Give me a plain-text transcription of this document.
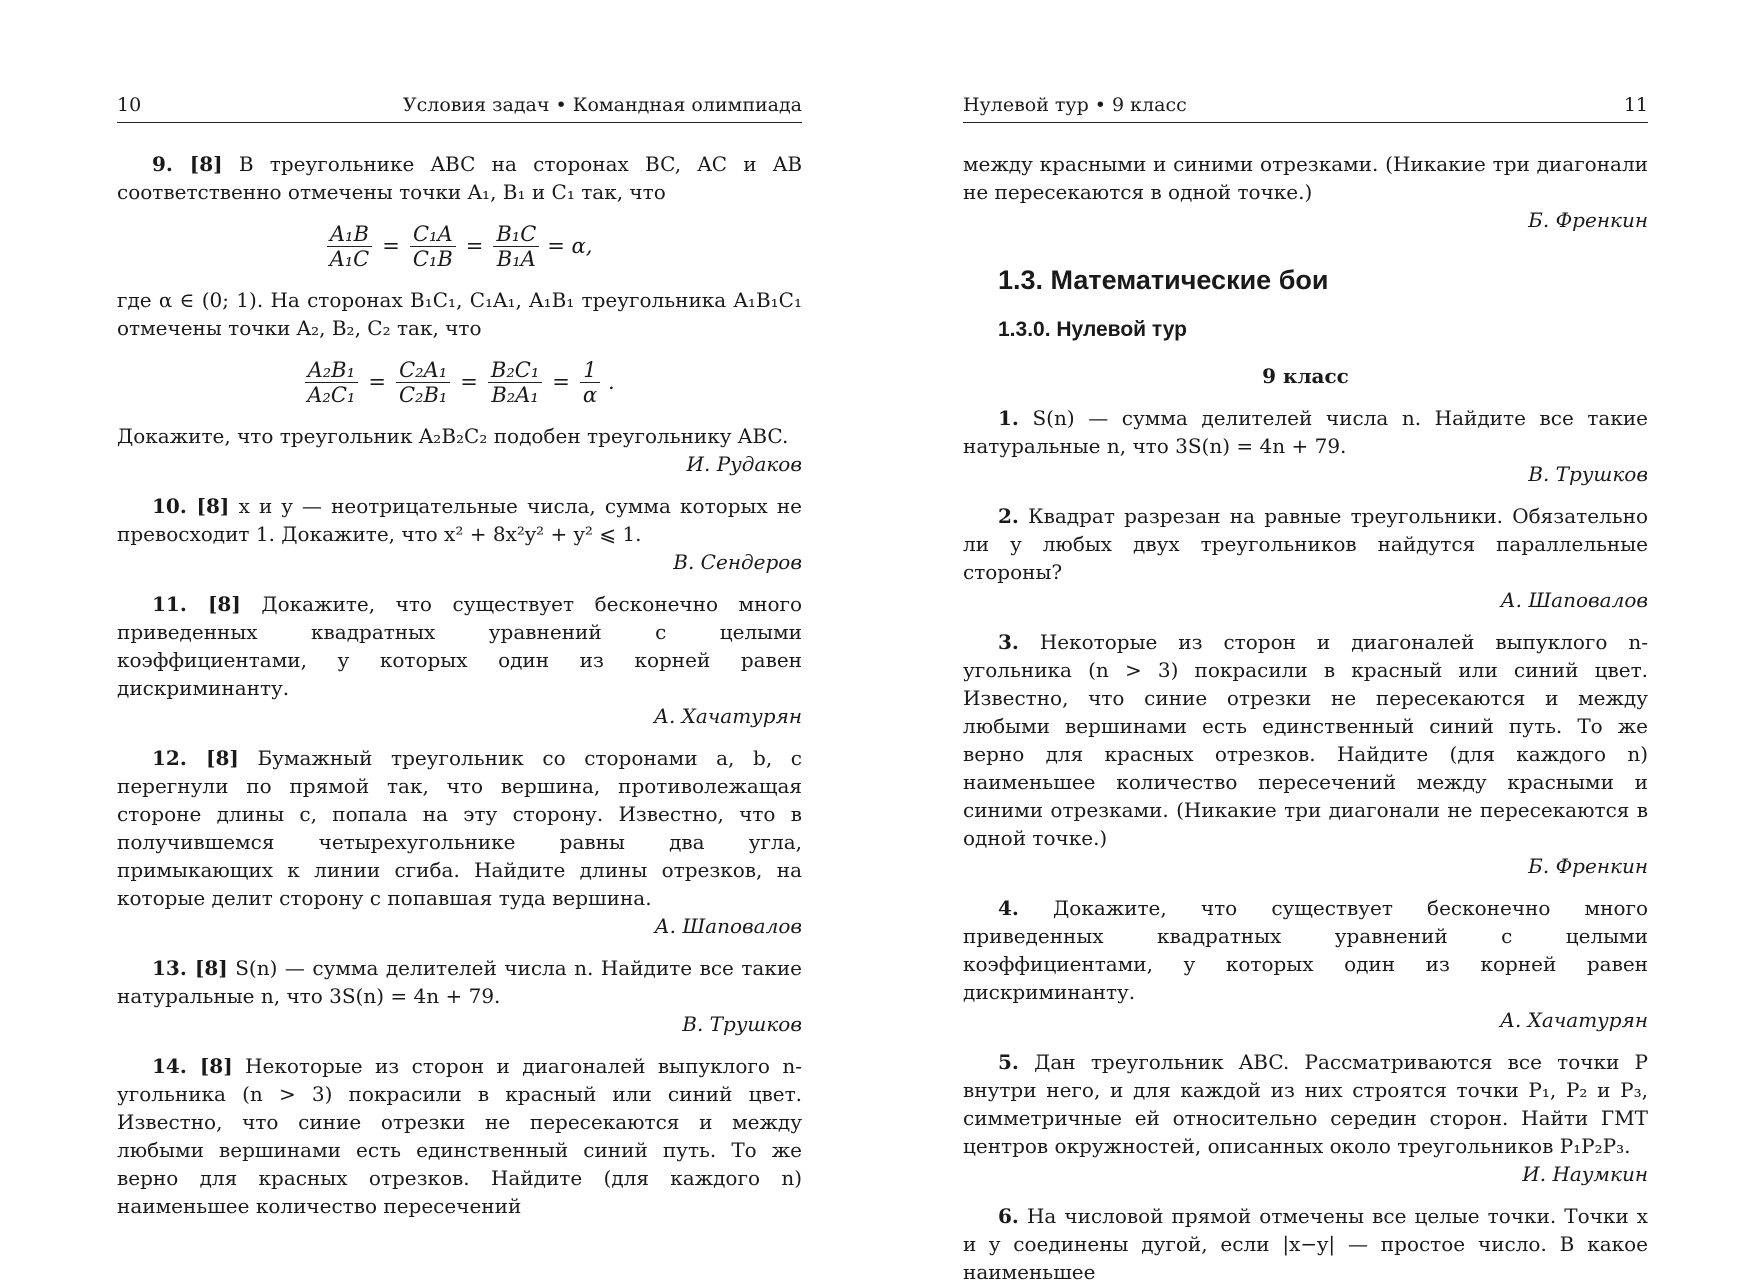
10	Условия задач • Командная олимпиада

9. [8] В треугольнике ABC на сторонах BC, AC и AB соответственно отмечены точки A₁, B₁ и C₁ так, что

$\frac{\text{A₁B}}{\text{A₁C}} = \frac{\text{C₁A}}{\text{C₁B}} = \frac{\text{B₁C}}{\text{B₁A}} = \alpha$,

где α ∈ (0; 1). На сторонах B₁C₁, C₁A₁, A₁B₁ треугольника A₁B₁C₁ отмечены точки A₂, B₂, C₂ так, что

$\frac{\text{A₂B₁}}{\text{A₂C₁}} = \frac{\text{C₂A₁}}{\text{C₂B₁}} = \frac{\text{B₂C₁}}{\text{B₂A₁}} = \frac{1}{\alpha}$ .

Докажите, что треугольник A₂B₂C₂ подобен треугольнику ABC.

И. Рудаков

10. [8] x и y — неотрицательные числа, сумма которых не превосходит 1. Докажите, что x² + 8x²y² + y² ⩽ 1.

В. Сендеров

11. [8] Докажите, что существует бесконечно много приведенных квадратных уравнений с целыми коэффициентами, у которых один из корней равен дискриминанту.

А. Хачатурян

12. [8] Бумажный треугольник со сторонами a, b, c перегнули по прямой так, что вершина, противолежащая стороне длины c, попала на эту сторону. Известно, что в получившемся четырехугольнике равны два угла, примыкающих к линии сгиба. Найдите длины отрезков, на которые делит сторону c попавшая туда вершина.

А. Шаповалов

13. [8] S(n) — сумма делителей числа n. Найдите все такие натуральные n, что 3S(n) = 4n + 79.

В. Трушков

14. [8] Некоторые из сторон и диагоналей выпуклого n-угольника (n > 3) покрасили в красный или синий цвет. Известно, что синие отрезки не пересекаются и между любыми вершинами есть единственный синий путь. То же верно для красных отрезков. Найдите (для каждого n) наименьшее количество пересечений

Нулевой тур • 9 класс	11

между красными и синими отрезками. (Никакие три диагонали не пересекаются в одной точке.)

Б. Френкин

1.3. Математические бои
1.3.0. Нулевой тур
9 класс

1. S(n) — сумма делителей числа n. Найдите все такие натуральные n, что 3S(n) = 4n + 79.

В. Трушков

2. Квадрат разрезан на равные треугольники. Обязательно ли у любых двух треугольников найдутся параллельные стороны?

А. Шаповалов

3. Некоторые из сторон и диагоналей выпуклого n-угольника (n > 3) покрасили в красный или синий цвет. Известно, что синие отрезки не пересекаются и между любыми вершинами есть единственный синий путь. То же верно для красных отрезков. Найдите (для каждого n) наименьшее количество пересечений между красными и синими отрезками. (Никакие три диагонали не пересекаются в одной точке.)

Б. Френкин

4. Докажите, что существует бесконечно много приведенных квадратных уравнений с целыми коэффициентами, у которых один из корней равен дискриминанту.

А. Хачатурян

5. Дан треугольник ABC. Рассматриваются все точки P внутри него, и для каждой из них строятся точки P₁, P₂ и P₃, симметричные ей относительно середин сторон. Найти ГМТ центров окружностей, описанных около треугольников P₁P₂P₃.

И. Наумкин

6. На числовой прямой отмечены все целые точки. Точки x и y соединены дугой, если |x−y| — простое число. В какое наименьшее
